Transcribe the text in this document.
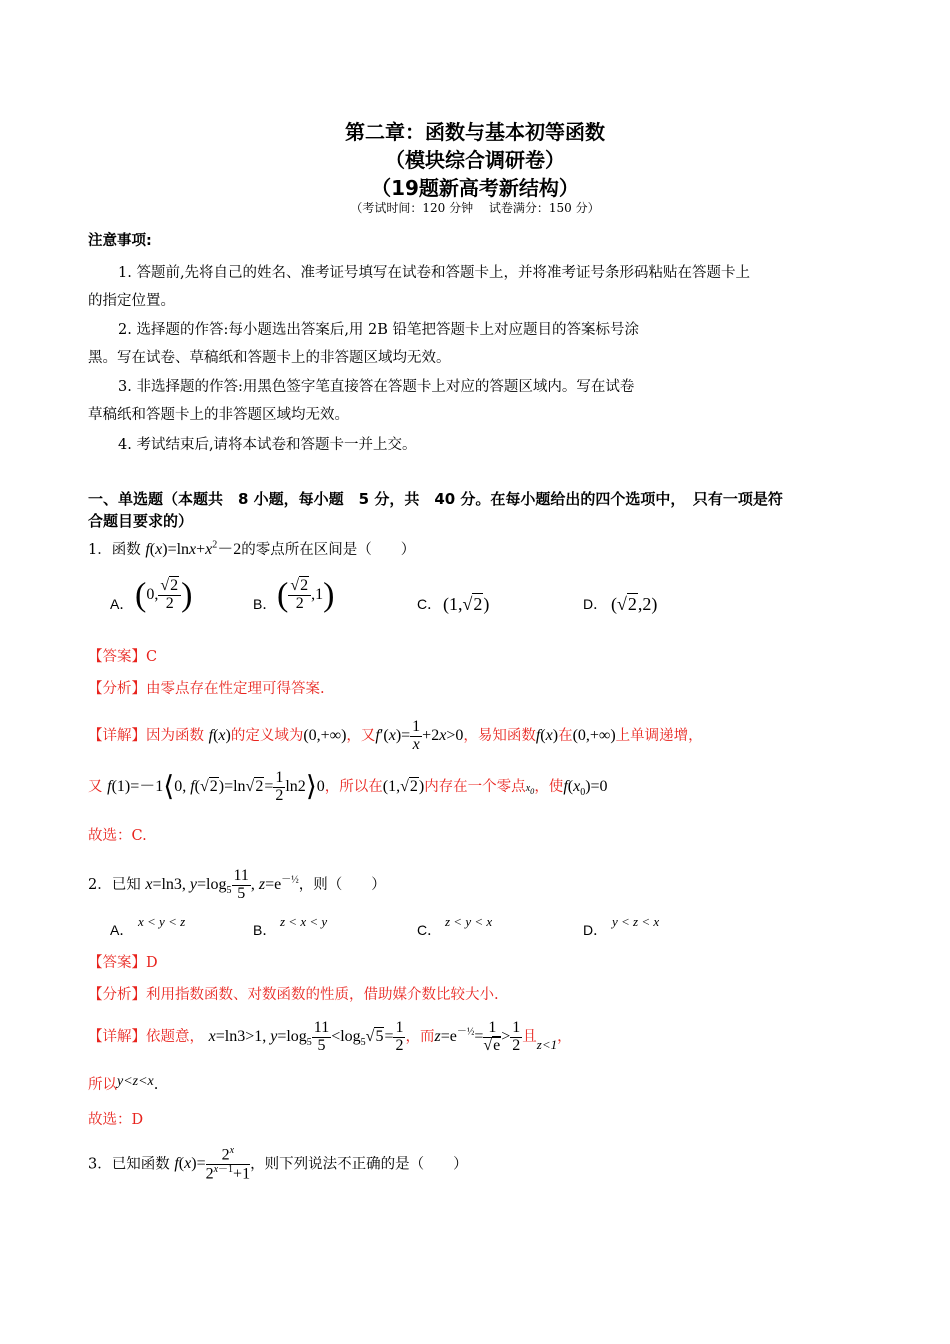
第二章：函数与基本初等函数
（模块综合调研卷）
（19题新高考新结构）
（考试时间：120 分钟　 试卷满分：150 分）
注意事项:
1. 答题前,先将自己的姓名、准考证号填写在试卷和答题卡上，并将准考证号条形码粘贴在答题卡上
的指定位置。
2. 选择题的作答:每小题选出答案后,用 2B 铅笔把答题卡上对应题目的答案标号涂
黑。写在试卷、草稿纸和答题卡上的非答题区域均无效。
3. 非选择题的作答:用黑色签字笔直接答在答题卡上对应的答题区域内。写在试卷
草稿纸和答题卡上的非答题区域均无效。
4. 考试结束后,请将本试卷和答题卡一并上交。
一、单选题（本题共　8 小题，每小题　5 分，共　40 分。在每小题给出的四个选项中，　只有一项是符
合题目要求的）
1．函数 $f(x)=\ln x+x^2-2$的零点所在区间是（　　）
A． (0, $\frac{√2}{2}$ )	B． ( $\frac{√2}{2} ,1$)	C． (1,√2)	D． (√2,2)
【答案】C
【分析】由零点存在性定理可得答案.
【详解】因为函数 f(x)的定义域为(0,+∞)，又$f'(x)= \frac{1}{x} +2x>0$，易知函数f(x)在(0,+∞)上单调递增，
又 f(1)=－1⟨0, $f(√2)=\ln√2= \frac{1}{2}$ ln2⟩0，所以在(1,√2)内存在一个零点$x_0$，使$f(x_0)=0$
故选：C.
2．已知 x=ln3, $y=\log_5 \frac{11}{5}$ , $z=e^{-\frac{1}{2}}$，则（　　）
A．
x < y < z
B．
z < x < y
C．
z < y < x
D．
y < z < x
【答案】D
【分析】利用指数函数、对数函数的性质，借助媒介数比较大小.
【详解】依题意， x=ln3>1, $y=\log_5 \frac{11}{5} <\log_5√5= \frac{1}{2}$ ，而$z=e^{-\frac{1}{2}}= \frac{1}{√e} > \frac{1}{2}$ 且z<1，
所以y<z<x.
故选：D
3．已知函数 $f(x)= \frac{2^x}{2^{x-1}+1}$ ，则下列说法不正确的是（　　）
